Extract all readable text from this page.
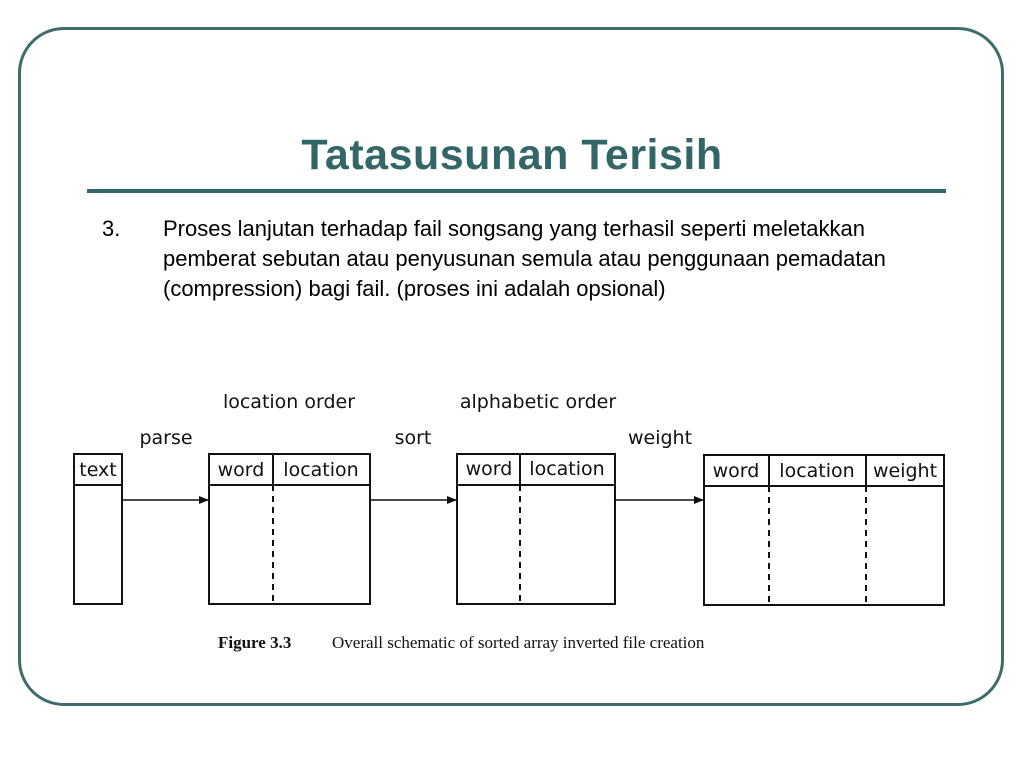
Tatasusunan Terisih
3. Proses lanjutan terhadap fail songsang yang terhasil seperti meletakkan pemberat sebutan atau penyusunan semula atau penggunaan pemadatan (compression) bagi fail. (proses ini adalah opsional)
text
parse
location order
word location
sort
alphabetic order
word location
weight
word location weight
Figure 3.3 Overall schematic of sorted array inverted file creation
